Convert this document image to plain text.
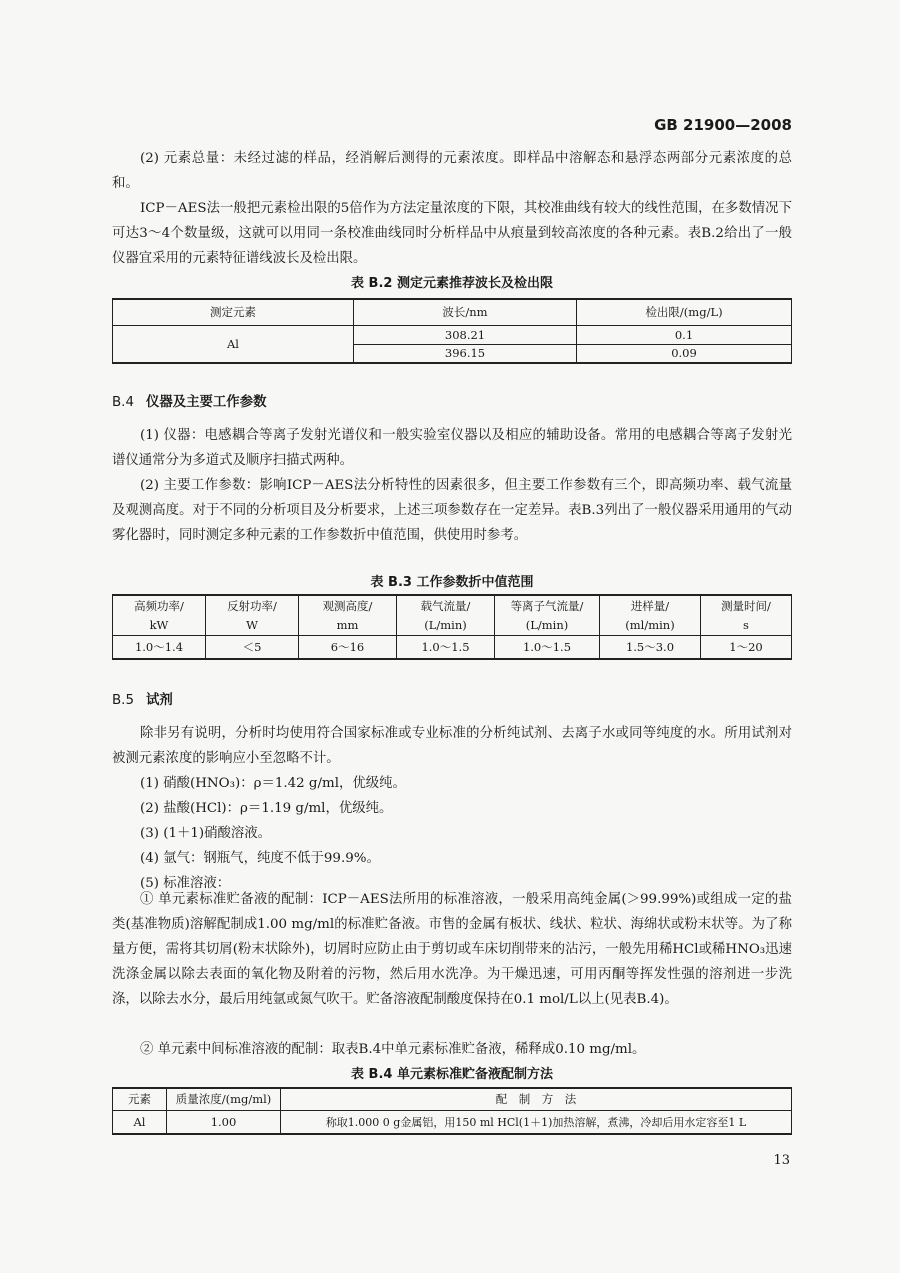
GB 21900—2008

(2) 元素总量：未经过滤的样品，经消解后测得的元素浓度。即样品中溶解态和悬浮态两部分元素浓度的总和。

ICP－AES法一般把元素检出限的5倍作为方法定量浓度的下限，其校准曲线有较大的线性范围，在多数情况下可达3～4个数量级，这就可以用同一条校准曲线同时分析样品中从痕量到较高浓度的各种元素。表B.2给出了一般仪器宜采用的元素特征谱线波长及检出限。

表 B.2 测定元素推荐波长及检出限
测定元素	波长/nm	检出限/(mg/L)
Al	308.21	0.1
	396.15	0.09
B.4 仪器及主要工作参数

(1) 仪器：电感耦合等离子发射光谱仪和一般实验室仪器以及相应的辅助设备。常用的电感耦合等离子发射光谱仪通常分为多道式及顺序扫描式两种。

(2) 主要工作参数：影响ICP－AES法分析特性的因素很多，但主要工作参数有三个，即高频功率、载气流量及观测高度。对于不同的分析项目及分析要求，上述三项参数存在一定差异。表B.3列出了一般仪器采用通用的气动雾化器时，同时测定多种元素的工作参数折中值范围，供使用时参考。

表 B.3 工作参数折中值范围
高频功率/	反射功率/	观测高度/	载气流量/	等离子气流量/	进样量/	测量时间/
kW	W	mm	(L/min)	(L/min)	(ml/min)	s
1.0～1.4	＜5	6～16	1.0～1.5	1.0～1.5	1.5～3.0	1～20
B.5 试剂

除非另有说明，分析时均使用符合国家标准或专业标准的分析纯试剂、去离子水或同等纯度的水。所用试剂对被测元素浓度的影响应小至忽略不计。

(1) 硝酸(HNO₃)：ρ＝1.42 g/ml，优级纯。

(2) 盐酸(HCl)：ρ＝1.19 g/ml，优级纯。

(3) (1＋1)硝酸溶液。

(4) 氩气：钢瓶气，纯度不低于99.9%。

(5) 标准溶液：

① 单元素标准贮备液的配制：ICP－AES法所用的标准溶液，一般采用高纯金属(＞99.99%)或组成一定的盐类(基准物质)溶解配制成1.00 mg/ml的标准贮备液。市售的金属有板状、线状、粒状、海绵状或粉末状等。为了称量方便，需将其切屑(粉末状除外)，切屑时应防止由于剪切或车床切削带来的沾污，一般先用稀HCl或稀HNO₃迅速洗涤金属以除去表面的氧化物及附着的污物，然后用水洗净。为干燥迅速，可用丙酮等挥发性强的溶剂进一步洗涤，以除去水分，最后用纯氩或氮气吹干。贮备溶液配制酸度保持在0.1 mol/L以上(见表B.4)。

② 单元素中间标准溶液的配制：取表B.4中单元素标准贮备液，稀释成0.10 mg/ml。

表 B.4 单元素标准贮备液配制方法
元素	质量浓度/(mg/ml)	配　制　方　法
Al	1.00	称取1.000 0 g金属铝，用150 ml HCl(1＋1)加热溶解，煮沸，冷却后用水定容至1 L
13
